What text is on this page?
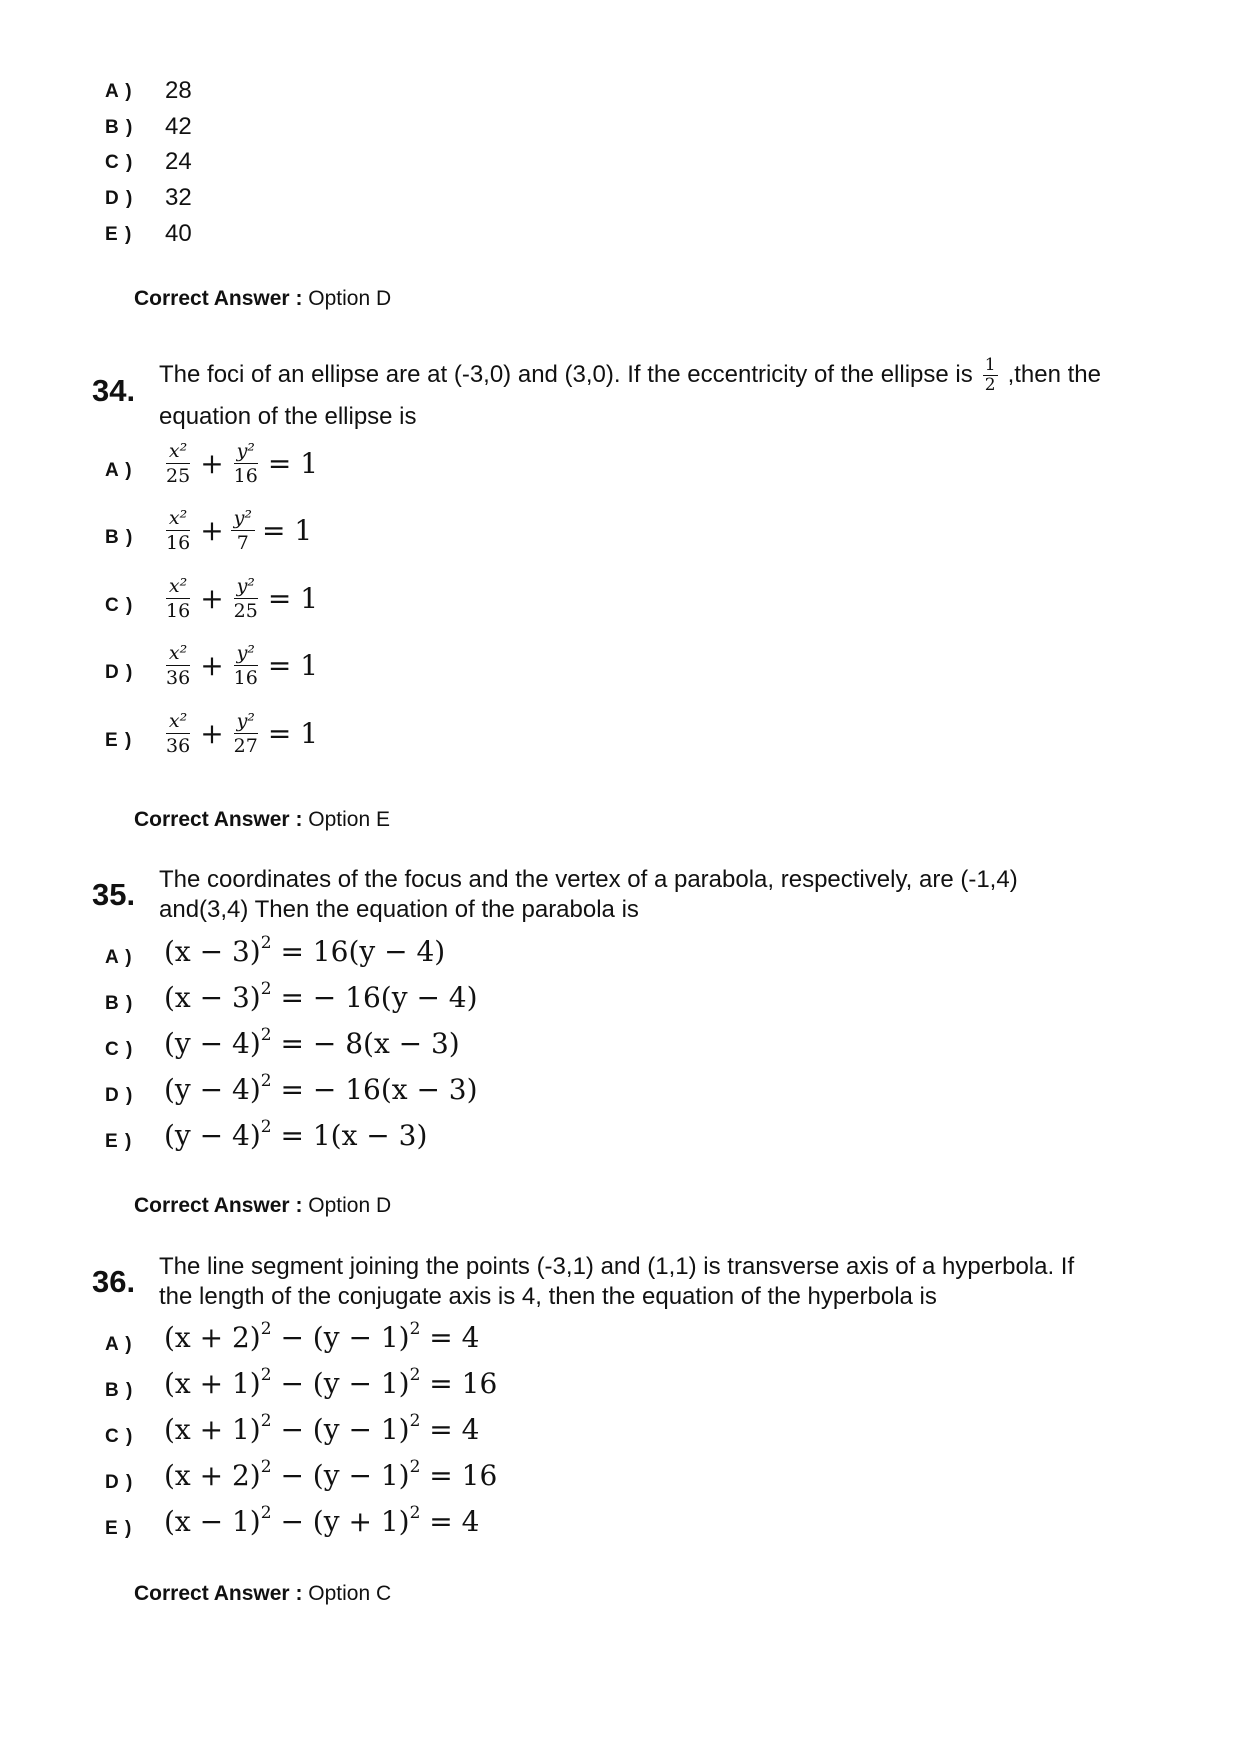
A ) 28
B ) 42
C ) 24
D ) 32
E ) 40
Correct Answer : Option D
34. The foci of an ellipse are at (-3,0) and (3,0). If the eccentricity of the ellipse is $\frac{1}{2}$ ,then the
equation of the ellipse is
A ) $\frac{\text{x²}}{25} + \frac{\text{y²}}{16} = 1$
B ) $\frac{\text{x²}}{16} + \frac{\text{y²}}{7} = 1$
C ) $\frac{\text{x²}}{16} + \frac{\text{y²}}{25} = 1$
D ) $\frac{\text{x²}}{36} + \frac{\text{y²}}{16} = 1$
E ) $\frac{\text{x²}}{36} + \frac{\text{y²}}{27} = 1$
Correct Answer : Option E
35. The coordinates of the focus and the vertex of a parabola, respectively, are (-1,4)
and(3,4) Then the equation of the parabola is
A ) $(x - 3)^2 = 16(y - 4)$
B ) $(x - 3)^2$ = − 16(y − 4)
C ) $(y - 4)^2$ = − 8(x − 3)
D ) $(y - 4)^2$ = − 16(x − 3)
E ) $(y - 4)^2 = 1(x - 3)$
Correct Answer : Option D
36. The line segment joining the points (-3,1) and (1,1) is transverse axis of a hyperbola. If
the length of the conjugate axis is 4, then the equation of the hyperbola is
A ) $(x + 2)^2 - (y - 1)^2 = 4$
B ) $(x + 1)^2 - (y - 1)^2 = 16$
C ) $(x + 1)^2 - (y - 1)^2 = 4$
D ) $(x + 2)^2 - (y - 1)^2 = 16$
E ) $(x - 1)^2 - (y + 1)^2 = 4$
Correct Answer : Option C
